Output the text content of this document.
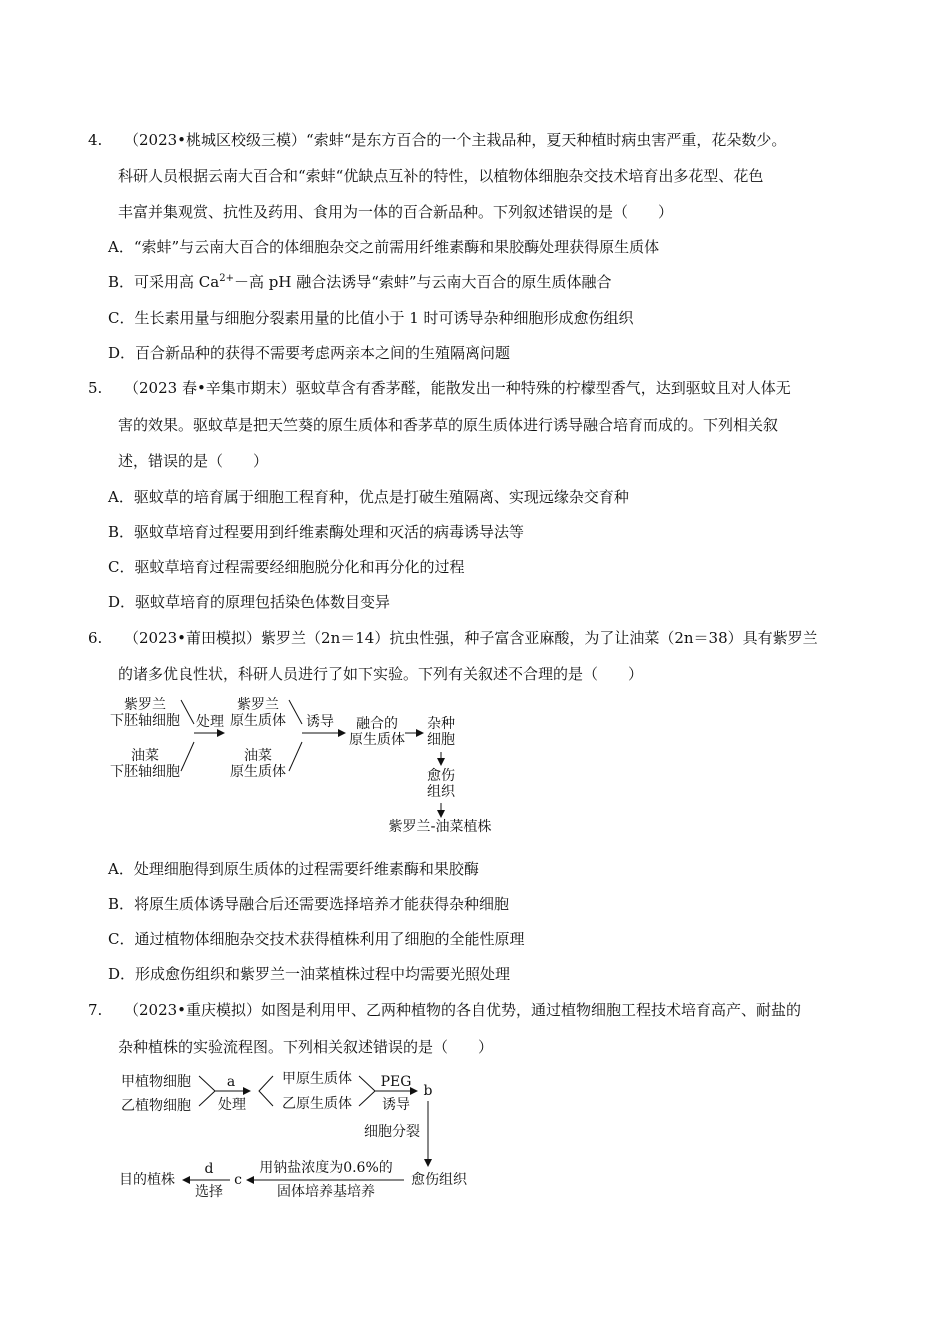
4. （2023•桃城区校级三模）“索蚌“是东方百合的一个主栽品种，夏天种植时病虫害严重，花朵数少。
科研人员根据云南大百合和“索蚌“优缺点互补的特性，以植物体细胞杂交技术培育出多花型、花色
丰富并集观赏、抗性及药用、食用为一体的百合新品种。下列叙述错误的是（　　）
A．“索蚌”与云南大百合的体细胞杂交之前需用纤维素酶和果胶酶处理获得原生质体
B．可采用高 $Ca^{2+}-$高 pH 融合法诱导“索蚌”与云南大百合的原生质体融合
C．生长素用量与细胞分裂素用量的比值小于 1 时可诱导杂种细胞形成愈伤组织
D．百合新品种的获得不需要考虑两亲本之间的生殖隔离问题
5. （2023 春•辛集市期末）驱蚊草含有香茅醛，能散发出一种特殊的柠檬型香气，达到驱蚊且对人体无
害的效果。驱蚊草是把天竺葵的原生质体和香茅草的原生质体进行诱导融合培育而成的。下列相关叙
述，错误的是（　　）
A．驱蚊草的培育属于细胞工程育种，优点是打破生殖隔离、实现远缘杂交育种
B．驱蚊草培育过程要用到纤维素酶处理和灭活的病毒诱导法等
C．驱蚊草培育过程需要经细胞脱分化和再分化的过程
D．驱蚊草培育的原理包括染色体数目变异
6. （2023•莆田模拟）紫罗兰（2n＝14）抗虫性强，种子富含亚麻酸，为了让油菜（2n＝38）具有紫罗兰
的诸多优良性状，科研人员进行了如下实验。下列有关叙述不合理的是（　　）
紫罗兰
下胚轴细胞
油菜
下胚轴细胞
处理
紫罗兰
原生质体
油菜
原生质体
诱导	融合的
原生质体
杂种
细胞
愈伤
组织
紫罗兰-油菜植株
A．处理细胞得到原生质体的过程需要纤维素酶和果胶酶
B．将原生质体诱导融合后还需要选择培养才能获得杂种细胞
C．通过植物体细胞杂交技术获得植株利用了细胞的全能性原理
D．形成愈伤组织和紫罗兰一油菜植株过程中均需要光照处理
7. （2023•重庆模拟）如图是利用甲、乙两种植物的各自优势，通过植物细胞工程技术培育高产、耐盐的
杂种植株的实验流程图。下列相关叙述错误的是（　　）
甲植物细胞
乙植物细胞
a
处理
甲原生质体
乙原生质体
PEG
诱导
b
细胞分裂
愈伤组织
用钠盐浓度为0.6%的
固体培养基培养
c
d
选择
目的植株
